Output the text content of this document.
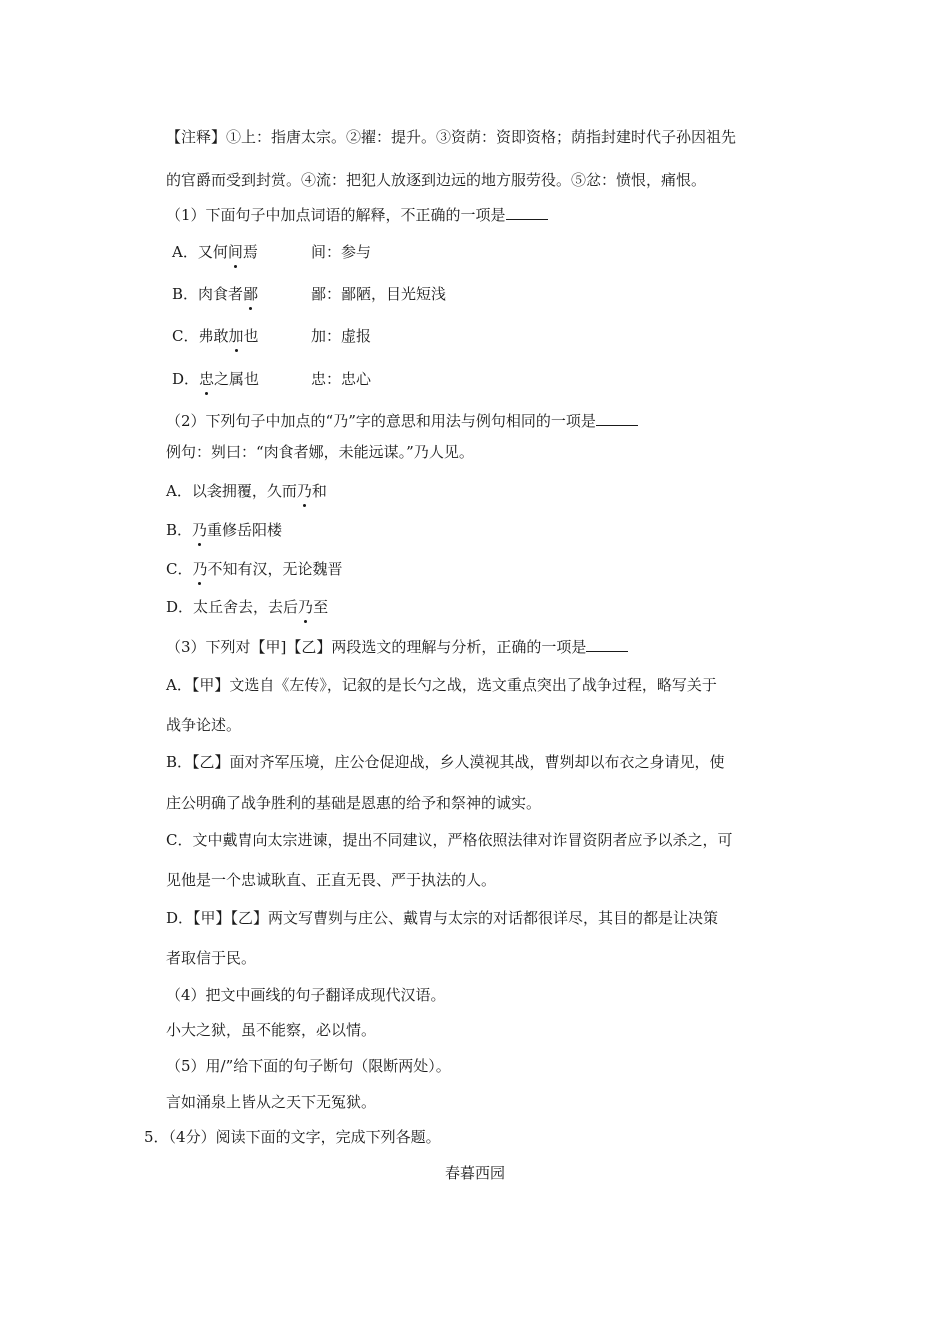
【注释】①上：指唐太宗。②擢：提升。③资荫：资即资格；荫指封建时代子孙因祖先
的官爵而受到封赏。④流：把犯人放逐到边远的地方服劳役。⑤忿：愤恨，痛恨。
（1）下面句子中加点词语的解释，不正确的一项是
A．又何间焉	间：参与
B．肉食者鄙	鄙：鄙陋，目光短浅
C．弗敢加也	加：虚报
D．忠之属也	忠：忠心
（2）下列句子中加点的“乃”字的意思和用法与例句相同的一项是
例句：刿曰：“肉食者娜，未能远谋。”乃人见。
A．以衾拥覆，久而乃和
B．乃重修岳阳楼
C．乃不知有汉，无论魏晋
D．太丘舍去，去后乃至
（3）下列对【甲]【乙】两段选文的理解与分析，正确的一项是
A．【甲】文选自《左传》，记叙的是长勺之战，选文重点突出了战争过程，略写关于
战争论述。
B．【乙】面对齐军压境，庄公仓促迎战，乡人漠视其战，曹刿却以布衣之身请见，使
庄公明确了战争胜利的基础是恩惠的给予和祭神的诚实。
C．文中戴胄向太宗进谏，提出不同建议，严格依照法律对诈冒资阴者应予以杀之，可
见他是一个忠诚耿直、正直无畏、严于执法的人。
D．【甲】【乙】两文写曹刿与庄公、戴胄与太宗的对话都很详尽，其目的都是让决策
者取信于民。
（4）把文中画线的句子翻译成现代汉语。
小大之狱，虽不能察，必以情。
（5）用/”给下面的句子断句（限断两处）。
言如涌泉上皆从之天下无冤狱。
5．（4分）阅读下面的文字，完成下列各题。
春暮西园
